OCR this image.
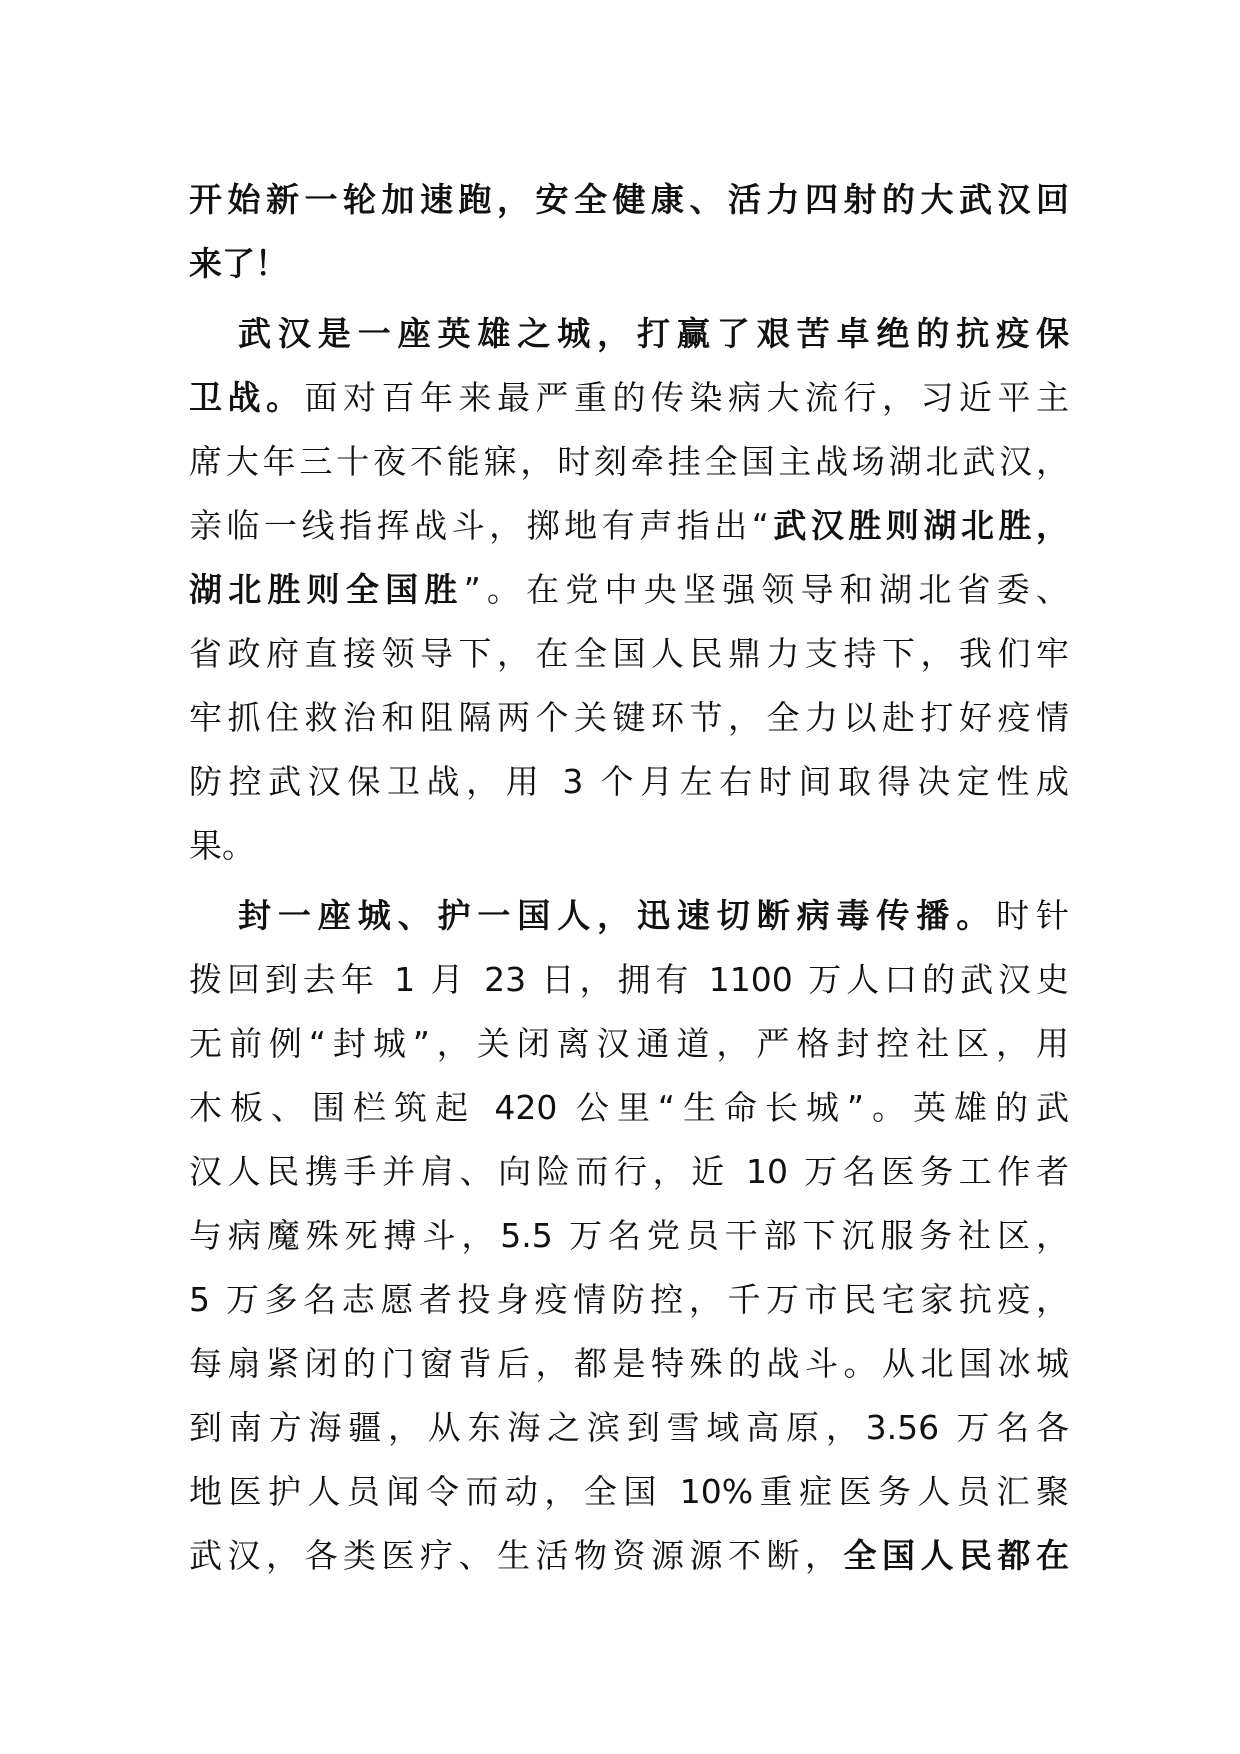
开始新一轮加速跑，安全健康、活力四射的大武汉回
来了！
武汉是一座英雄之城，打赢了艰苦卓绝的抗疫保
卫战。面对百年来最严重的传染病大流行，习近平主
席大年三十夜不能寐，时刻牵挂全国主战场湖北武汉，
亲临一线指挥战斗，掷地有声指出“武汉胜则湖北胜，
湖北胜则全国胜”。在党中央坚强领导和湖北省委、
省政府直接领导下，在全国人民鼎力支持下，我们牢
牢抓住救治和阻隔两个关键环节，全力以赴打好疫情
防控武汉保卫战，用 3 个月左右时间取得决定性成
果。
封一座城、护一国人，迅速切断病毒传播。时针
拨回到去年 1 月 23 日，拥有 1100 万人口的武汉史
无前例“封城”，关闭离汉通道，严格封控社区，用
木板、围栏筑起 420 公里“生命长城”。英雄的武
汉人民携手并肩、向险而行，近 10 万名医务工作者
与病魔殊死搏斗，5.5 万名党员干部下沉服务社区，
5 万多名志愿者投身疫情防控，千万市民宅家抗疫，
每扇紧闭的门窗背后，都是特殊的战斗。从北国冰城
到南方海疆，从东海之滨到雪域高原，3.56 万名各
地医护人员闻令而动，全国 10%重症医务人员汇聚
武汉，各类医疗、生活物资源源不断，全国人民都在
